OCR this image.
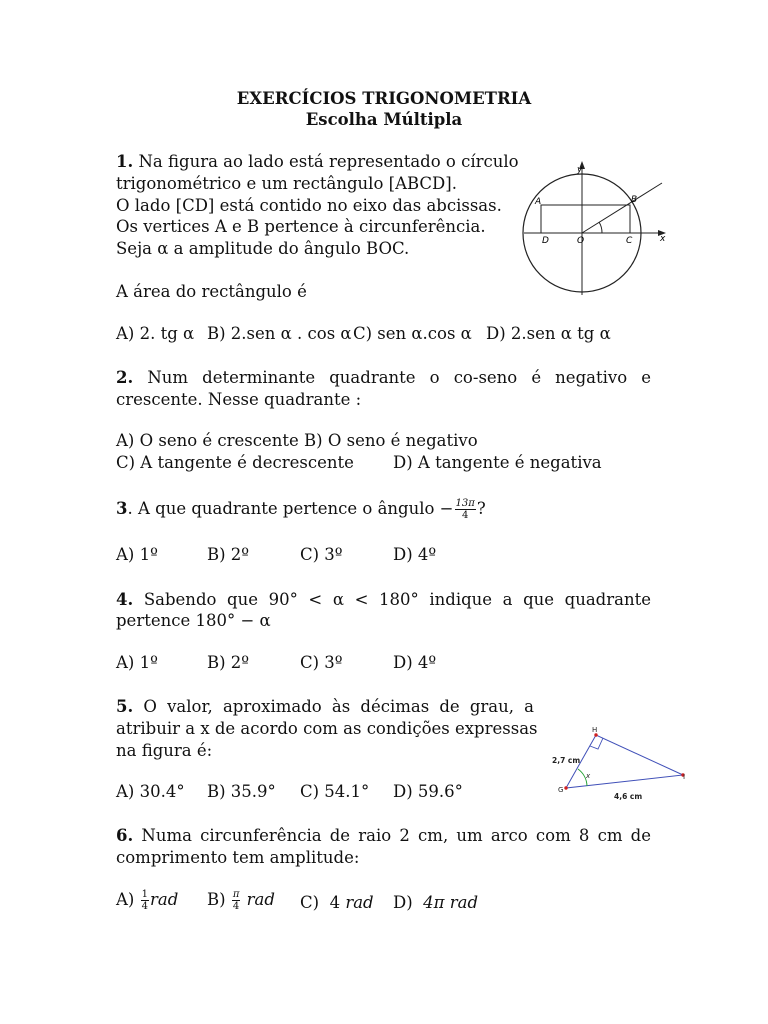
EXERCÍCIOS TRIGONOMETRIA
Escolha Múltipla
1. Na figura ao lado está representado o círculo
trigonométrico e um rectângulo [ABCD].
O lado [CD] está contido no eixo das abcissas.
Os vertices A e B pertence à circunferência.
Seja α a amplitude do ângulo BOC.
A área do rectângulo é
A) 2. tg α B) 2.sen α . cos α C) sen α.cos α D) 2.sen α tg α
y
x
A	B
C
D	O
2. Num determinante quadrante o co-seno é negativo e
crescente. Nesse quadrante :
A) O seno é crescente B) O seno é negativo
C) A tangente é decrescente D) A tangente é negativa
3. A que quadrante pertence o ângulo − $\frac{13\pi}{4}$ ?
A) 1º	B) 2º	C) 3º	D) 4º
4. Sabendo que 90° < α < 180° indique a que quadrante
pertence 180° − α
A) 1º	B) 2º	C) 3º	D) 4º
5. O valor, aproximado às décimas de grau, a
atribuir a x de acordo com as condições expressas
na figura é:
A) 30.4° B) 35.9° C) 54.1° D) 59.6°
H
G
I
2,7 cm
4,6 cm
x
6. Numa circunferência de raio 2 cm, um arco com 8 cm de
comprimento tem amplitude:
$A) \frac{1}{4}$ rad $B) \frac{\pi}{4}$ rad C) 4 rad D) 4π rad
